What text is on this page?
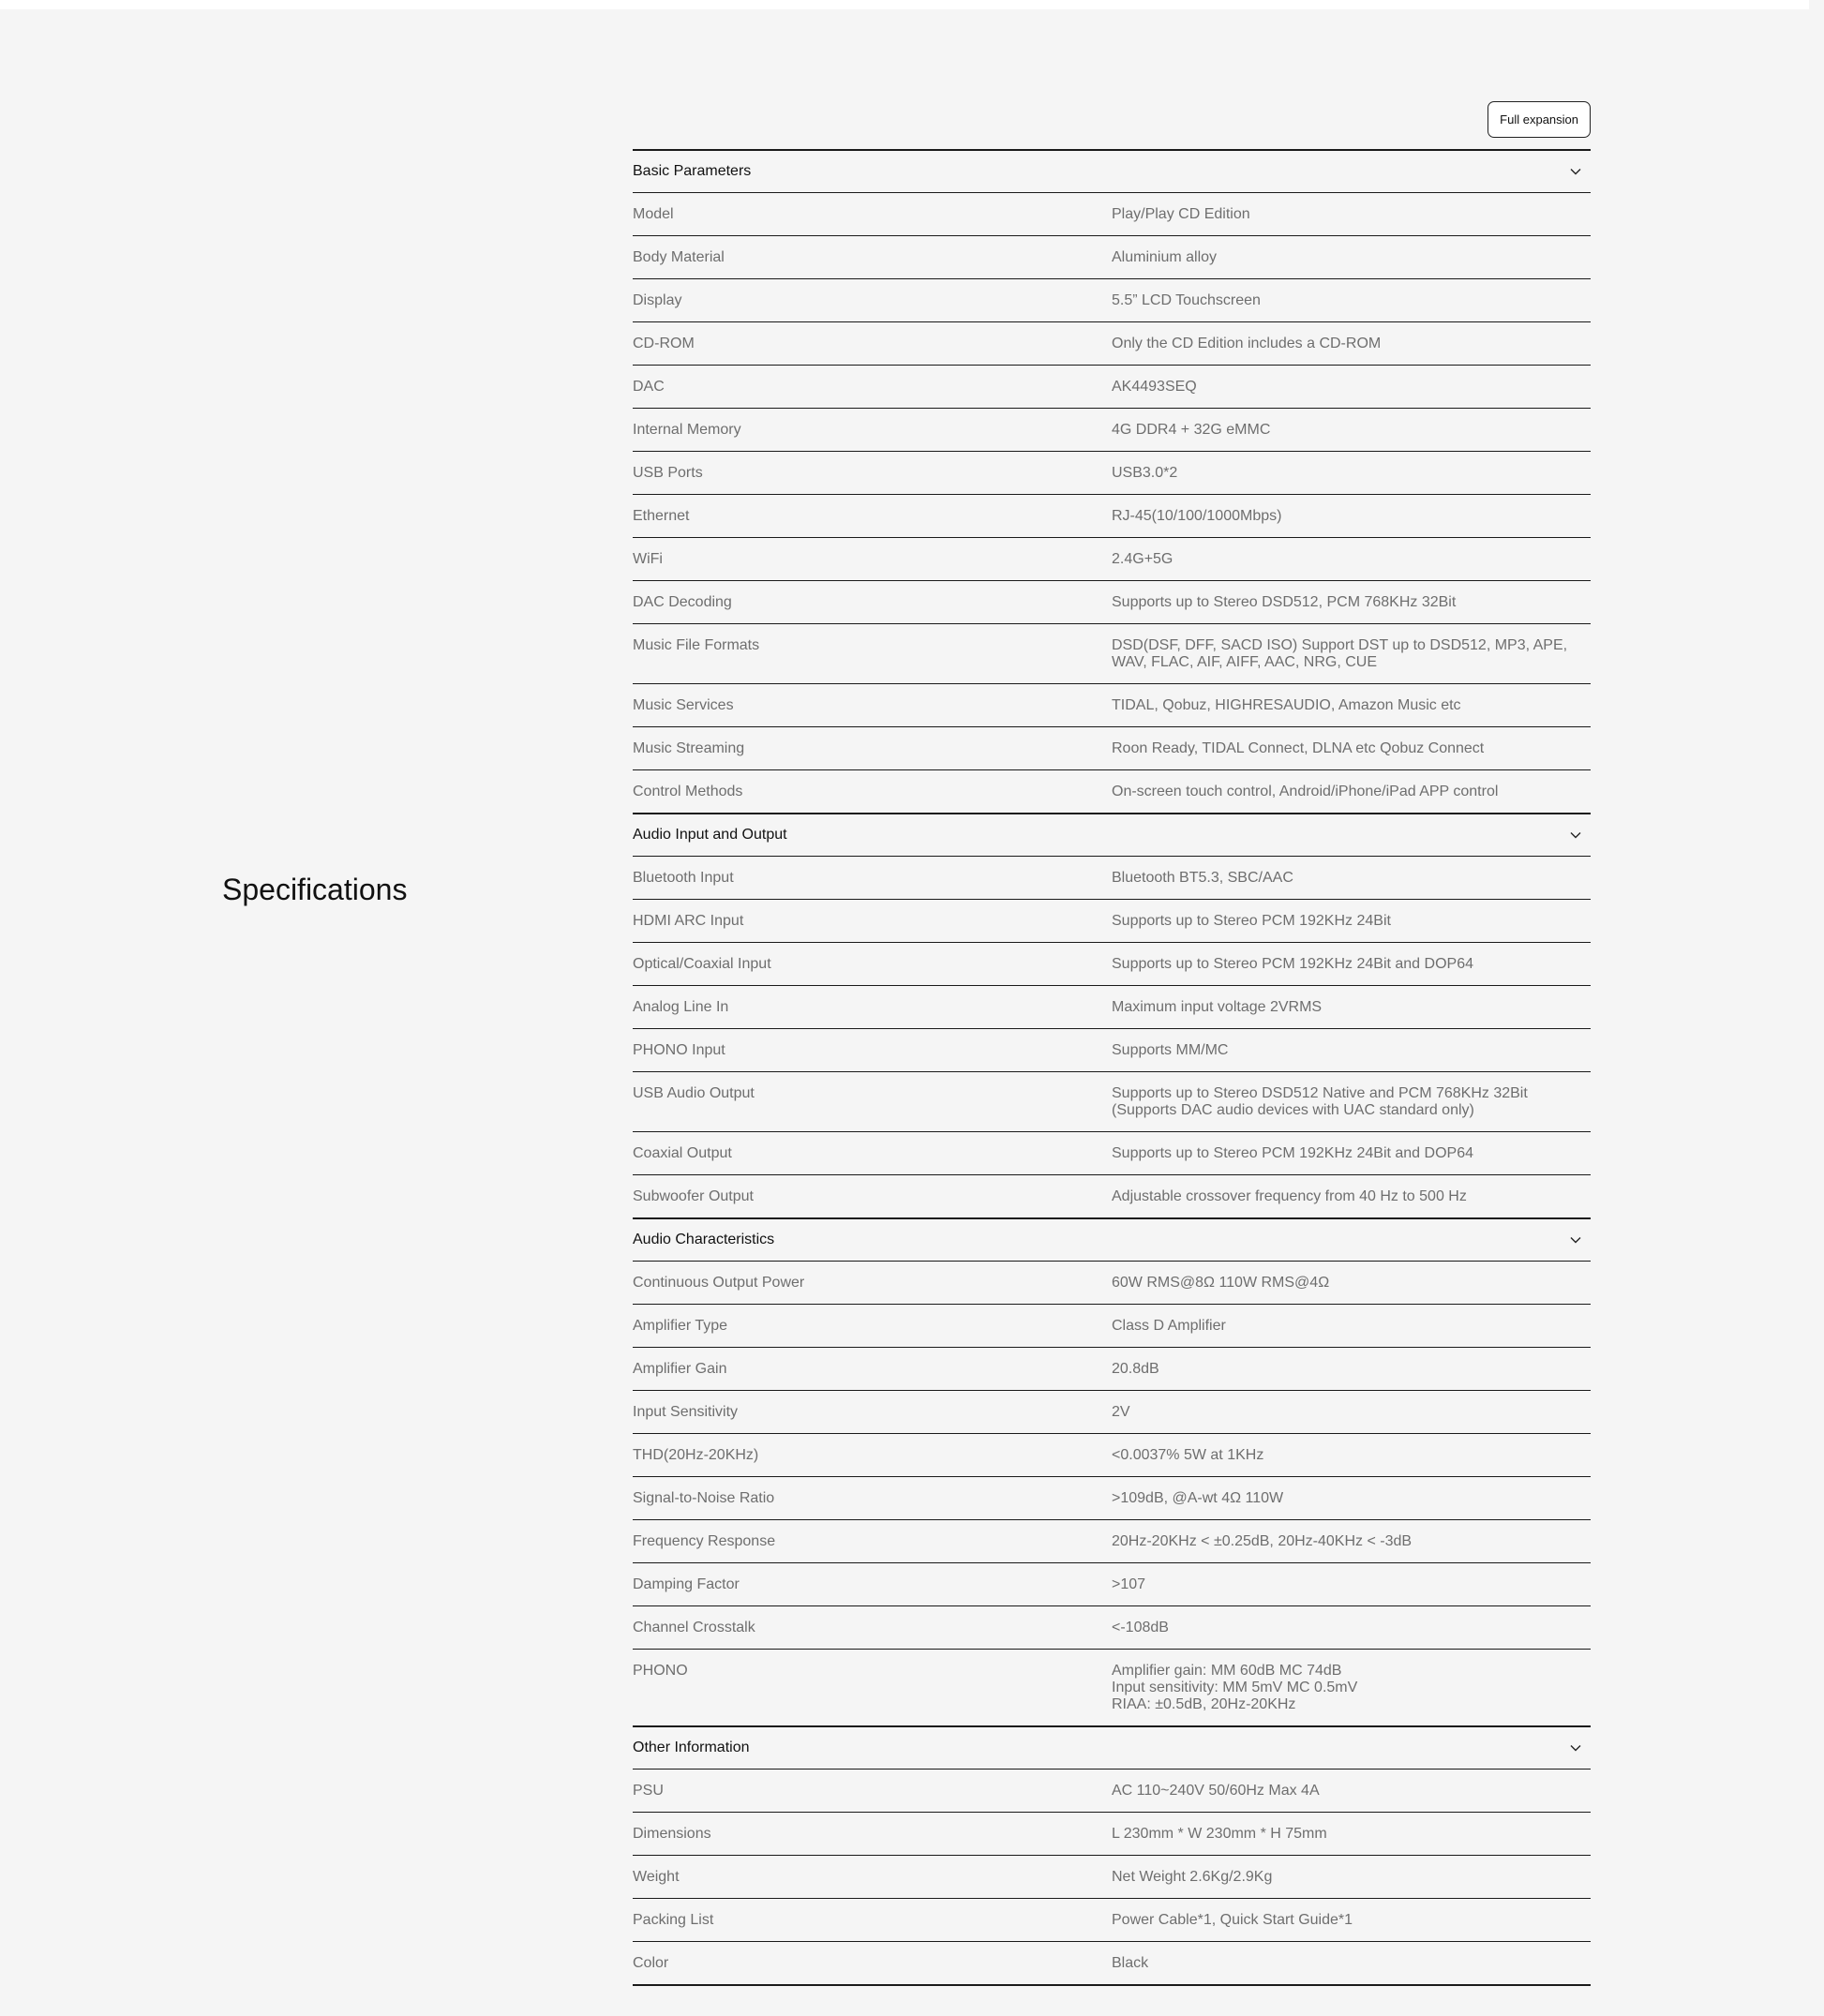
Specifications
Full expansion
Basic Parameters
Model	Play/Play CD Edition
Body Material	Aluminium alloy
Display	5.5” LCD Touchscreen
CD-ROM	Only the CD Edition includes a CD-ROM
DAC	AK4493SEQ
Internal Memory	4G DDR4 + 32G eMMC
USB Ports	USB3.0*2
Ethernet	RJ-45(10/100/1000Mbps)
WiFi	2.4G+5G
DAC Decoding	Supports up to Stereo DSD512, PCM 768KHz 32Bit
Music File Formats	DSD(DSF, DFF, SACD ISO) Support DST up to DSD512, MP3, APE,
WAV, FLAC, AIF, AIFF, AAC, NRG, CUE
Music Services	TIDAL, Qobuz, HIGHRESAUDIO, Amazon Music etc
Music Streaming	Roon Ready, TIDAL Connect, DLNA etc Qobuz Connect
Control Methods	On-screen touch control, Android/iPhone/iPad APP control
Audio Input and Output
Bluetooth Input	Bluetooth BT5.3, SBC/AAC
HDMI ARC Input	Supports up to Stereo PCM 192KHz 24Bit
Optical/Coaxial Input	Supports up to Stereo PCM 192KHz 24Bit and DOP64
Analog Line In	Maximum input voltage 2VRMS
PHONO Input	Supports MM/MC
USB Audio Output	Supports up to Stereo DSD512 Native and PCM 768KHz 32Bit
(Supports DAC audio devices with UAC standard only)
Coaxial Output	Supports up to Stereo PCM 192KHz 24Bit and DOP64
Subwoofer Output	Adjustable crossover frequency from 40 Hz to 500 Hz
Audio Characteristics
Continuous Output Power	60W RMS@8Ω 110W RMS@4Ω
Amplifier Type	Class D Amplifier
Amplifier Gain	20.8dB
Input Sensitivity	2V
THD(20Hz-20KHz)	<0.0037% 5W at 1KHz
Signal-to-Noise Ratio	>109dB, @A-wt 4Ω 110W
Frequency Response	20Hz-20KHz < ±0.25dB, 20Hz-40KHz < -3dB
Damping Factor	>107
Channel Crosstalk	<-108dB
PHONO	Amplifier gain: MM 60dB MC 74dB
Input sensitivity: MM 5mV MC 0.5mV
RIAA: ±0.5dB, 20Hz-20KHz
Other Information
PSU	AC 110~240V 50/60Hz Max 4A
Dimensions	L 230mm * W 230mm * H 75mm
Weight	Net Weight 2.6Kg/2.9Kg
Packing List	Power Cable*1, Quick Start Guide*1
Color	Black
